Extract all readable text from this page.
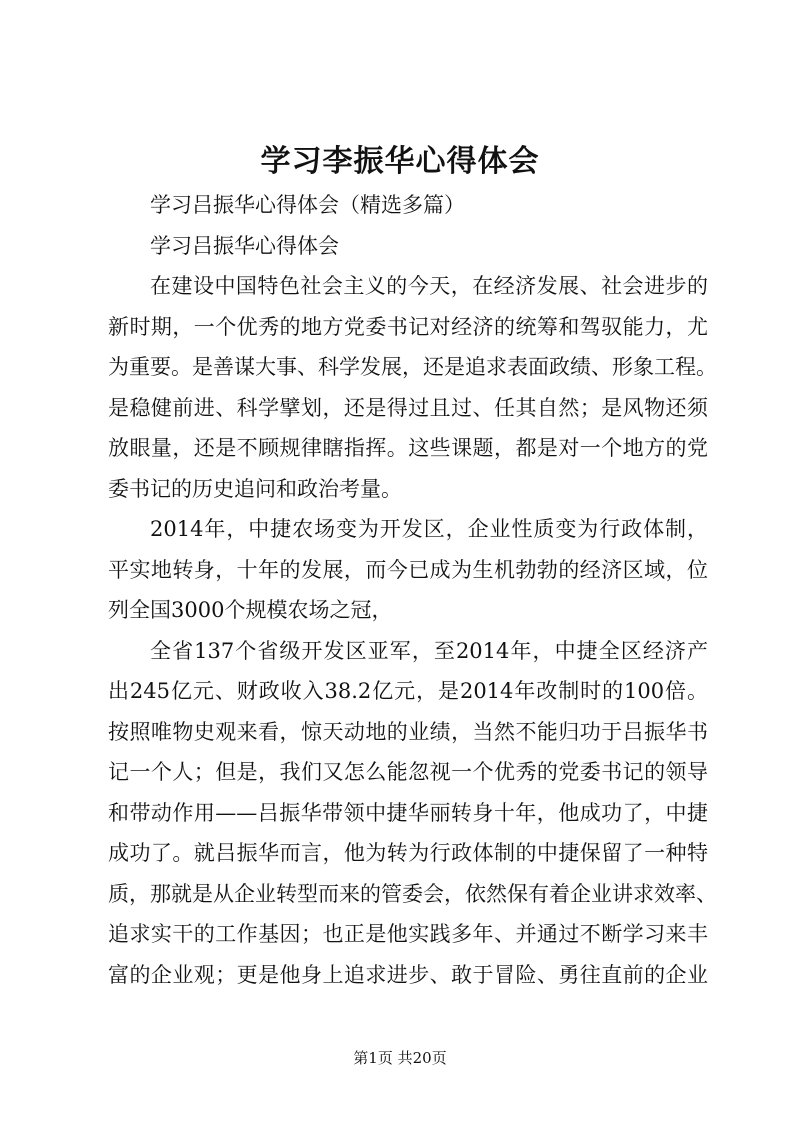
学习李振华心得体会
学习吕振华心得体会（精选多篇）
学习吕振华心得体会
在建设中国特色社会主义的今天，在经济发展、社会进步的
新时期，一个优秀的地方党委书记对经济的统筹和驾驭能力，尤
为重要。是善谋大事、科学发展，还是追求表面政绩、形象工程。
是稳健前进、科学擘划，还是得过且过、任其自然；是风物还须
放眼量，还是不顾规律瞎指挥。这些课题，都是对一个地方的党
委书记的历史追问和政治考量。
2014年，中捷农场变为开发区，企业性质变为行政体制，
平实地转身，十年的发展，而今已成为生机勃勃的经济区域，位
列全国3000个规模农场之冠，
全省137个省级开发区亚军，至2014年，中捷全区经济产
出245亿元、财政收入38.2亿元，是2014年改制时的100倍。
按照唯物史观来看，惊天动地的业绩，当然不能归功于吕振华书
记一个人；但是，我们又怎么能忽视一个优秀的党委书记的领导
和带动作用——吕振华带领中捷华丽转身十年，他成功了，中捷
成功了。就吕振华而言，他为转为行政体制的中捷保留了一种特
质，那就是从企业转型而来的管委会，依然保有着企业讲求效率、
追求实干的工作基因；也正是他实践多年、并通过不断学习来丰
富的企业观；更是他身上追求进步、敢于冒险、勇往直前的企业
第1页 共20页
